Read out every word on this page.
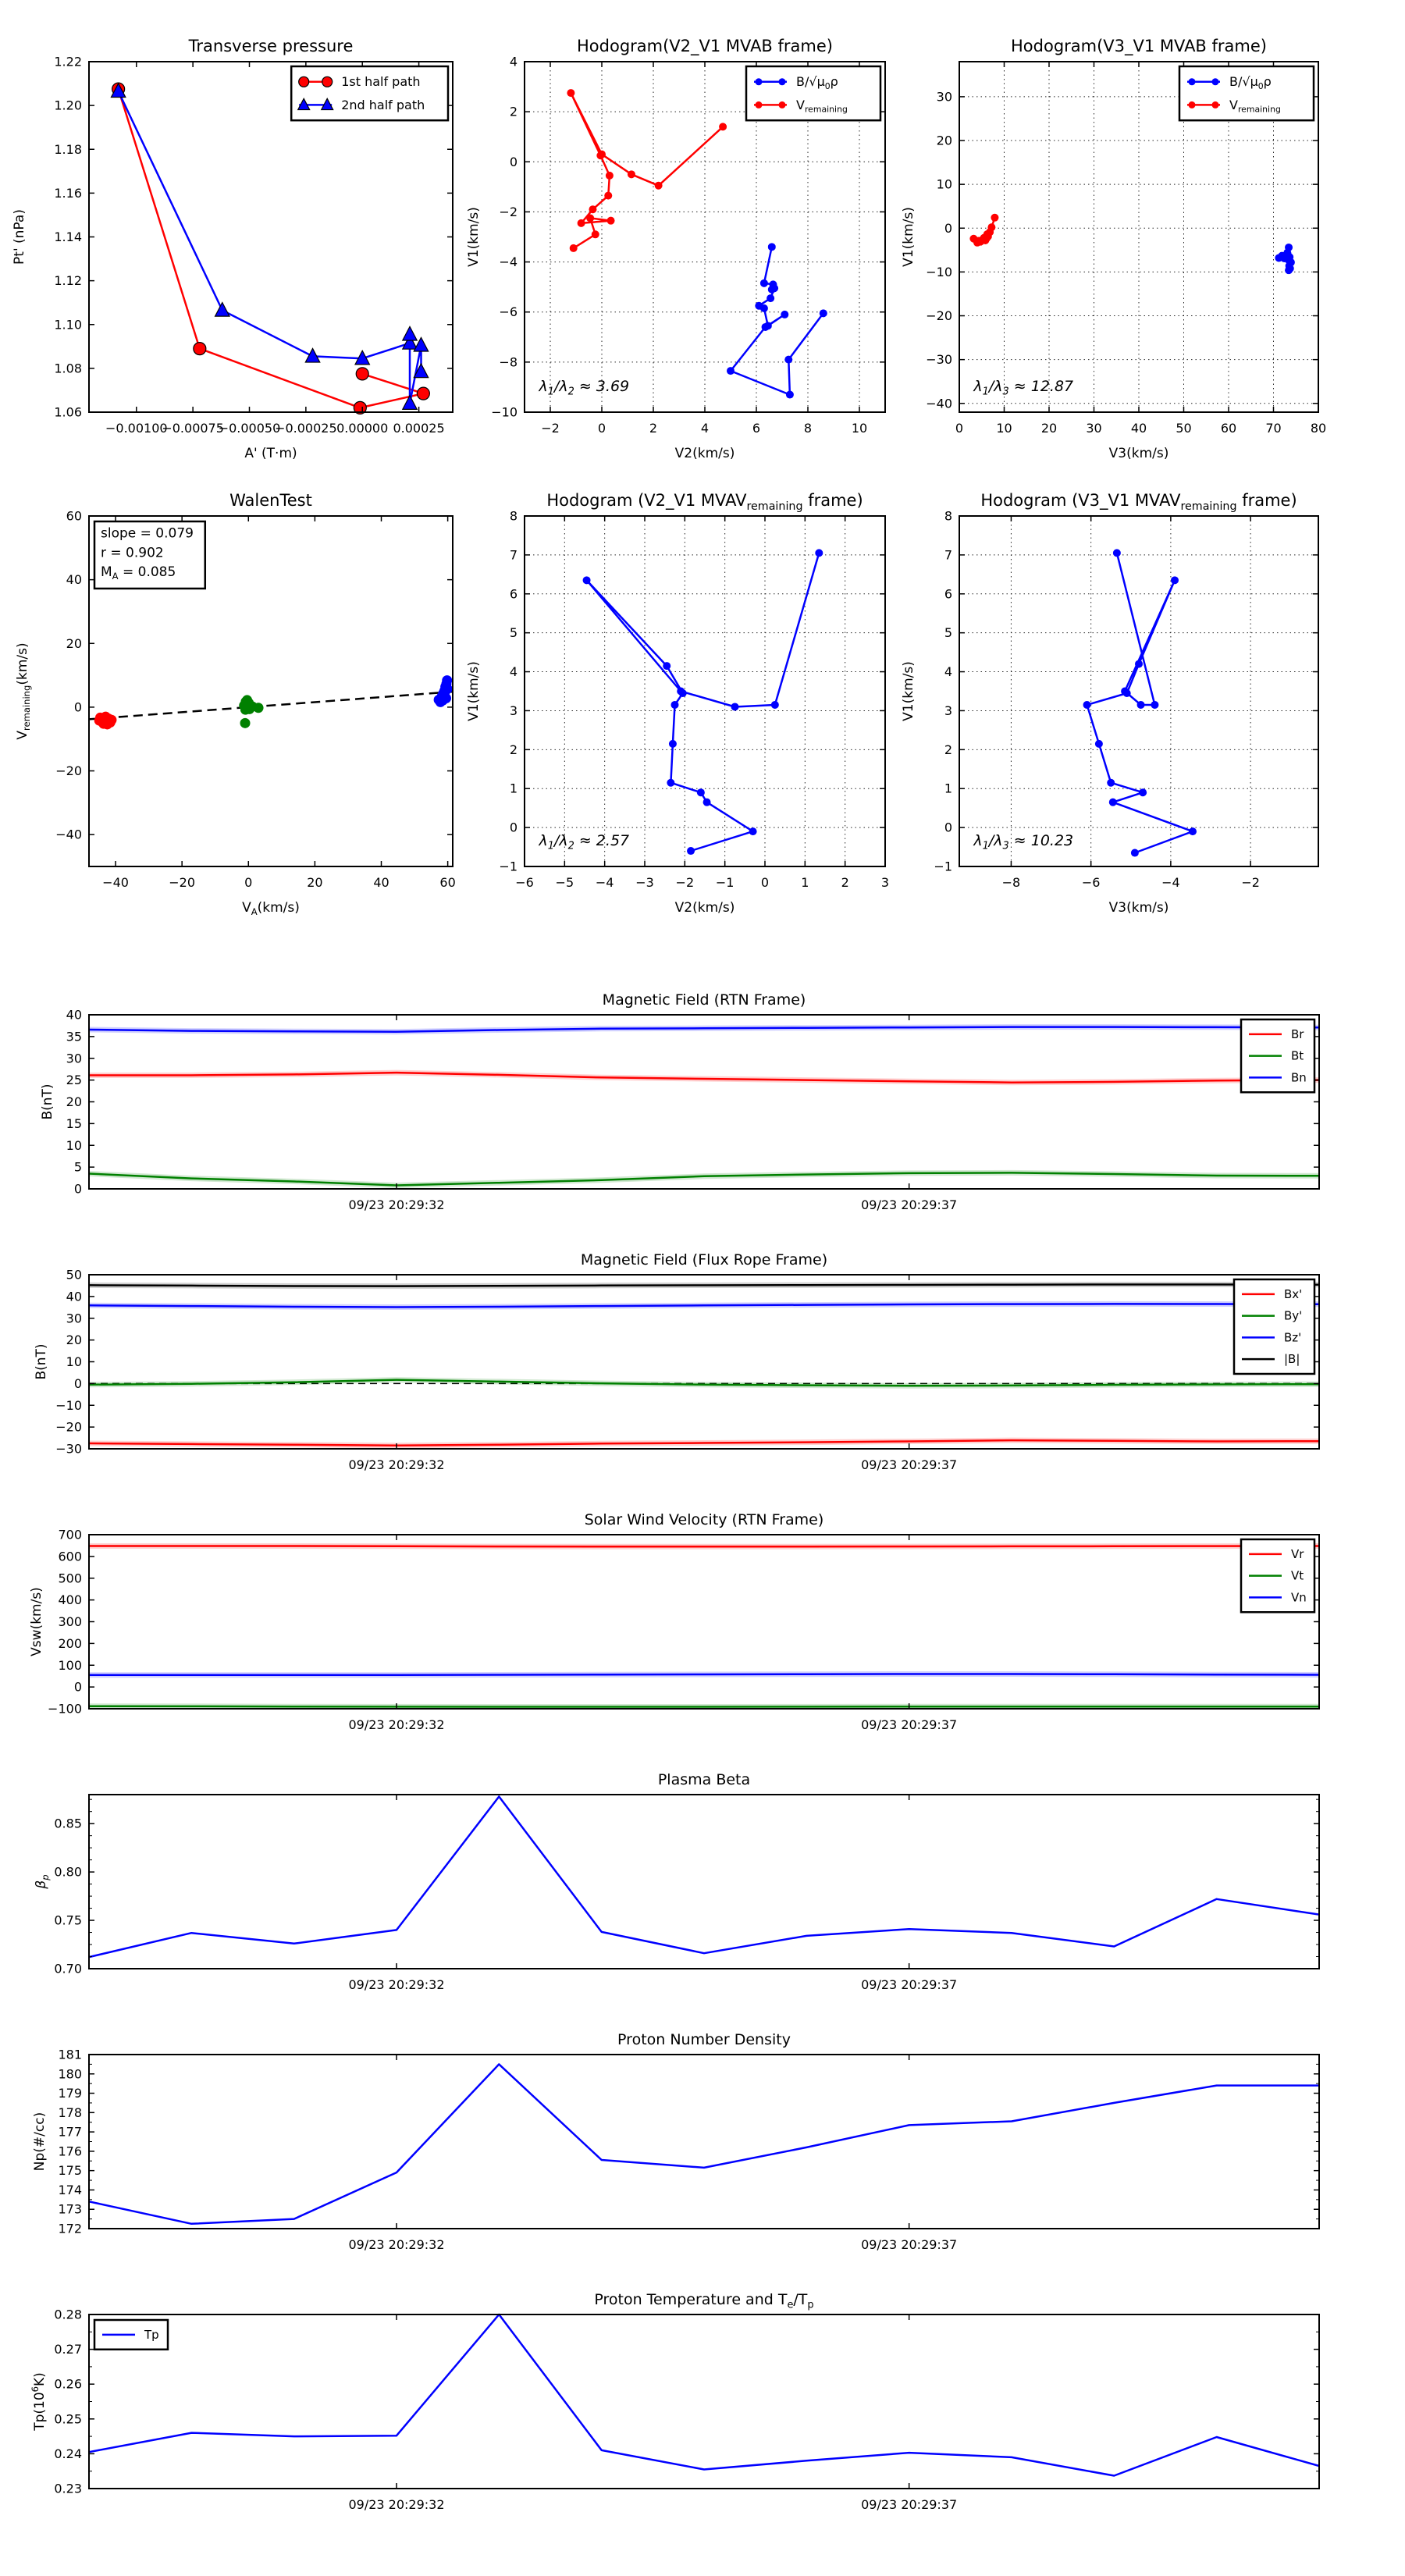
−0.00100
−0.00075
−0.00050
−0.00025 0.00000 0.00025
A' (T·m)
1.06
1.08
1.10
1.12
1.14
1.16
1.18
1.20
1.22
Pt' (nPa)
Transverse pressure
1st half path
2nd half path
−2	0	2	4	6	8	10
V2(km/s)
−10
−8
−6
−4
−2
0
2
4
V1(km/s)
Hodogram(V2_V1 MVAB frame)
$\lambda_1/\lambda_2 \approx 3.69$
$B/√\mu_0\rho$
$V_{remaining}$
0	10 20 30 40 50 60 70 80
V3(km/s)
−40
−30
−20
−10
0
10
20
30
V1(km/s)
Hodogram(V3_V1 MVAB frame)
$\lambda_1/\lambda_3 \approx 12.87$
$B/√\mu_0\rho$
$V_{remaining}$
−40	−20	0	20	40	60
$V_A(km/s)$
−40
−20
0
20
40
60
$V_{remaining}(km/s)$
WalenTest
slope = 0.079
r = 0.902
$M_A = 0.085$
−6 −5 −4 −3 −2 −1 0	1	2	3
V2(km/s)
−1
0
1
2
3
4
5
6
7
8
V1(km/s)
Hodogram (V2_V1 $MVAV_{remaining}$ frame)
$\lambda_1/\lambda_2 \approx 2.57$
−8	−6	−4	−2
V3(km/s)
−1
0
1
2
3
4
5
6
7
8
V1(km/s)
Hodogram (V3_V1 $MVAV_{remaining}$ frame)
$\lambda_1/\lambda_3 \approx 10.23$
09/23 20:29:32	09/23 20:29:37
0
5
10
15
20
25
30
35
40
B(nT)
Magnetic Field (RTN Frame)
Br
Bt
Bn
09/23 20:29:32	09/23 20:29:37
−30
−20
−10
0
10
20
30
40
50
B(nT)
Magnetic Field (Flux Rope Frame)
Bx'
By'
Bz'
|B|
09/23 20:29:32	09/23 20:29:37
−100
0
100
200
300
400
500
600
700
Vsw(km/s)
Solar Wind Velocity (RTN Frame)
Vr
Vt
Vn
09/23 20:29:32	09/23 20:29:37
0.70
0.75
0.80
0.85
$\beta_p$
Plasma Beta
09/23 20:29:32	09/23 20:29:37
172
173
174
175
176
177
178
179
180
181
Np(#/cc)
Proton Number Density
09/23 20:29:32	09/23 20:29:37
0.23
0.24
0.25
0.26
0.27
0.28
$Tp(10^6K)$
Proton Temperature and $T_e/T_p$
Tp
